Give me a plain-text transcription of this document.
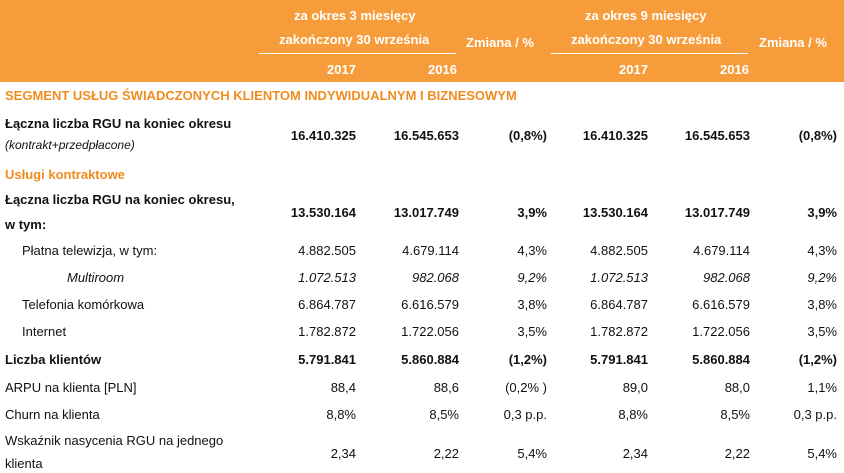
za okres 3 miesięcy
zakończony 30 września	Zmiana / %
za okres 9 miesięcy
zakończony 30 września	Zmiana / %
2017	2016	2017	2016
SEGMENT USŁUG ŚWIADCZONYCH KLIENTOM INDYWIDUALNYM I BIZNESOWYM
Łączna liczba RGU na koniec okresu
(kontrakt+przedpłacone)
16.410.325	16.545.653	(0,8%)	16.410.325	16.545.653	(0,8%)
Usługi kontraktowe
Łączna liczba RGU na koniec okresu,
w tym:
13.530.164	13.017.749	3,9%	13.530.164	13.017.749	3,9%
Płatna telewizja, w tym:	4.882.505	4.679.114	4,3%	4.882.505	4.679.114	4,3%
Multiroom	1.072.513	982.068	9,2%	1.072.513	982.068	9,2%
Telefonia komórkowa	6.864.787	6.616.579	3,8%	6.864.787	6.616.579	3,8%
Internet	1.782.872	1.722.056	3,5%	1.782.872	1.722.056	3,5%
Liczba klientów	5.791.841	5.860.884	(1,2%)	5.791.841	5.860.884	(1,2%)
ARPU na klienta [PLN]	88,4	88,6	(0,2% )	89,0	88,0	1,1%
Churn na klienta	8,8%	8,5%	0,3 p.p.	8,8%	8,5%	0,3 p.p.
Wskaźnik nasycenia RGU na jednego
klienta
2,34	2,22	5,4%	2,34	2,22	5,4%
